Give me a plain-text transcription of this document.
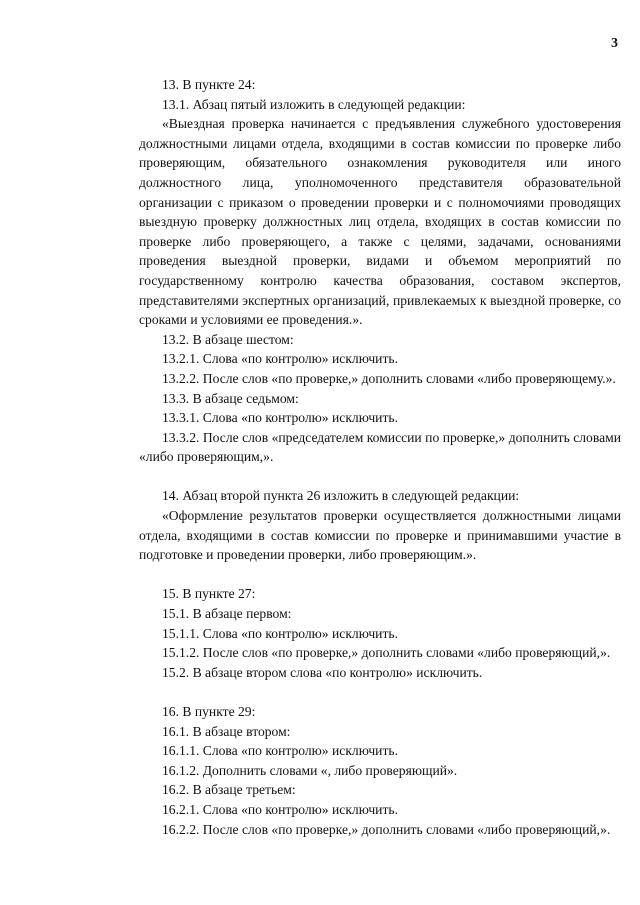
3

13. В пункте 24:

13.1. Абзац пятый изложить в следующей редакции:

«Выездная проверка начинается с предъявления служебного удостоверения должностными лицами отдела, входящими в состав комиссии по проверке либо проверяющим, обязательного ознакомления руководителя или иного должностного лица, уполномоченного представителя образовательной организации с приказом о проведении проверки и с полномочиями проводящих выездную проверку должностных лиц отдела, входящих в состав комиссии по проверке либо проверяющего, а также с целями, задачами, основаниями проведения выездной проверки, видами и объемом мероприятий по государственному контролю качества образования, составом экспертов, представителями экспертных организаций, привлекаемых к выездной проверке, со сроками и условиями ее проведения.».

13.2. В абзаце шестом:

13.2.1. Слова «по контролю» исключить.

13.2.2. После слов «по проверке,» дополнить словами «либо проверяющему.».

13.3. В абзаце седьмом:

13.3.1. Слова «по контролю» исключить.

13.3.2. После слов «председателем комиссии по проверке,» дополнить словами «либо проверяющим,».

14. Абзац второй пункта 26 изложить в следующей редакции:

«Оформление результатов проверки осуществляется должностными лицами отдела, входящими в состав комиссии по проверке и принимавшими участие в подготовке и проведении проверки, либо проверяющим.».

15. В пункте 27:

15.1. В абзаце первом:

15.1.1. Слова «по контролю» исключить.

15.1.2. После слов «по проверке,» дополнить словами «либо проверяющий,».

15.2. В абзаце втором слова «по контролю» исключить.

16. В пункте 29:

16.1. В абзаце втором:

16.1.1. Слова «по контролю» исключить.

16.1.2. Дополнить словами «, либо проверяющий».

16.2. В абзаце третьем:

16.2.1. Слова «по контролю» исключить.

16.2.2. После слов «по проверке,» дополнить словами «либо проверяющий,».
